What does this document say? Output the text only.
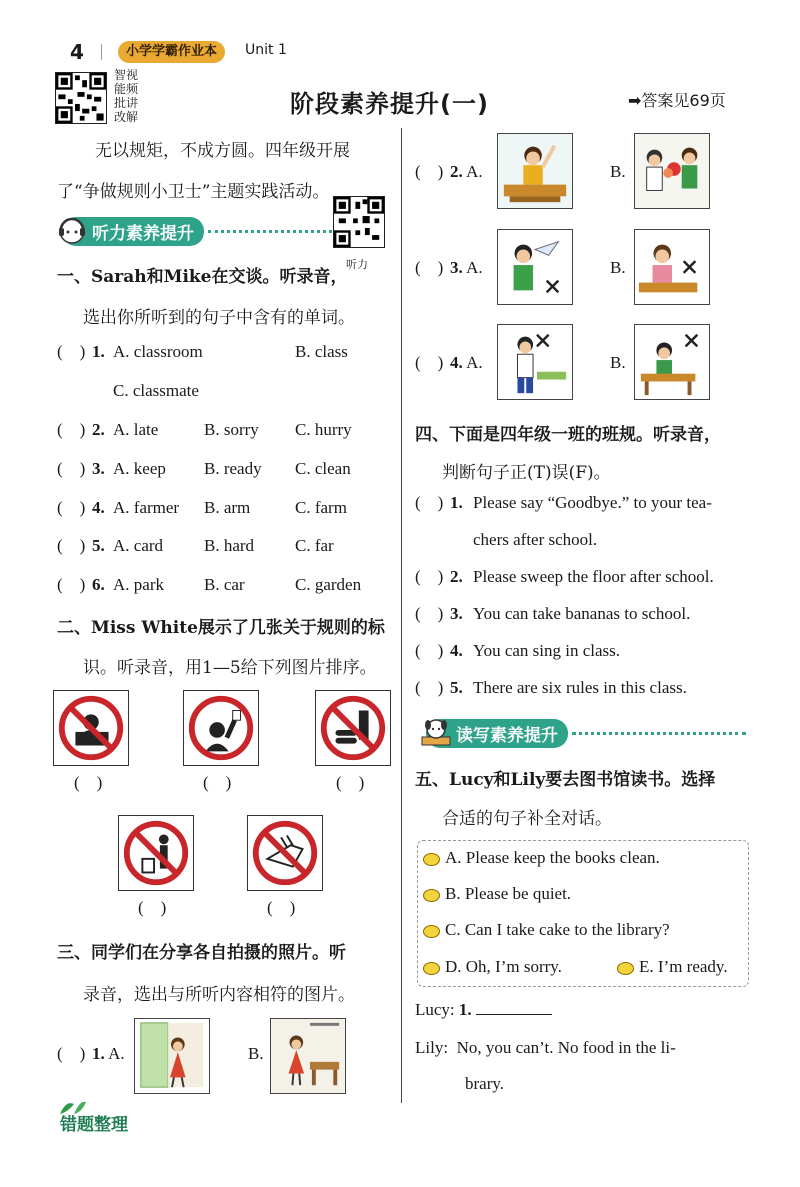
4	小学学霸作业本	Unit 1
智视能频批讲改解	阶段素养提升(一)	➡答案见69页
无以规矩，不成方圆。四年级开展
了“争做规则小卫士”主题实践活动。
听力素养提升
听力
一、Sarah和Mike在交谈。听录音，
选出你所听到的句子中含有的单词。
(    ) 1. A. classroom	B. class
C. classmate
(    ) 2. A. late	B. sorry C. hurry
(    ) 3. A. keep B. ready C. clean
(    ) 4. A. farmer B. arm	C. farm
(    ) 5. A. card B. hard C. far
(    ) 6. A. park B. car	C. garden
二、Miss White展示了几张关于规则的标
识。听录音，用1—5给下列图片排序。
(    )	(    )	(    )
(    )	(    )
三、同学们在分享各自拍摄的照片。听
录音，选出与所听内容相符的图片。
(    ) 1. A.	B.
(    ) 2. A.	B.
(    ) 3. A.	B.
(    ) 4. A.	B.
四、下面是四年级一班的班规。听录音，
判断句子正(T)误(F)。
(    ) 1. Please say “Goodbye.” to your tea-
chers after school.
(    ) 2. Please sweep the floor after school.
(    ) 3. You can take bananas to school.
(    ) 4. You can sing in class.
(    ) 5. There are six rules in this class.
读写素养提升
五、Lucy和Lily要去图书馆读书。选择
合适的句子补全对话。
A. Please keep the books clean.
B. Please be quiet.
C. Can I take cake to the library?
D. Oh, I’m sorry.	E. I’m ready.
Lucy: 1.
Lily: No, you can’t. No food in the li-
brary.
错题整理
